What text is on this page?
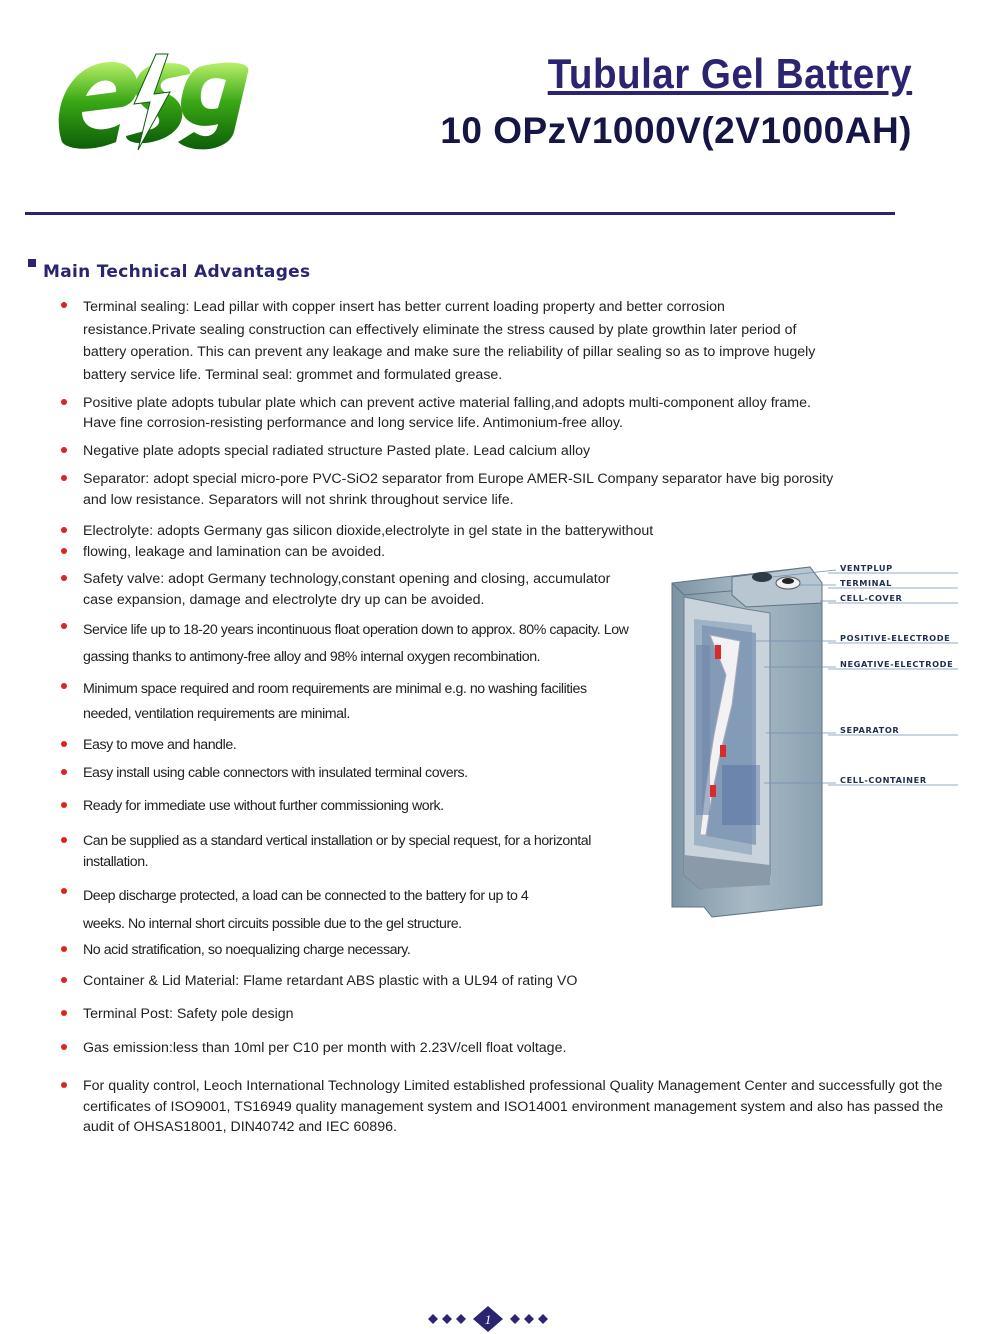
Tubular Gel Battery
10 OPzV1000V(2V1000AH)
Main Technical Advantages
Terminal sealing: Lead pillar with copper insert has better current loading property and better corrosion
resistance.Private sealing construction can effectively eliminate the stress caused by plate growthin later period of
battery operation. This can prevent any leakage and make sure the reliability of pillar sealing so as to improve hugely
battery service life. Terminal seal: grommet and formulated grease.
Positive plate adopts tubular plate which can prevent active material falling,and adopts multi-component alloy frame.
Have fine corrosion-resisting performance and long service life. Antimonium-free alloy.
Negative plate adopts special radiated structure Pasted plate. Lead calcium alloy
Separator: adopt special micro-pore PVC-SiO2 separator from Europe AMER-SIL Company separator have big porosity
and low resistance. Separators will not shrink throughout service life.
Electrolyte: adopts Germany gas silicon dioxide,electrolyte in gel state in the batterywithout
flowing, leakage and lamination can be avoided.
Safety valve: adopt Germany technology,constant opening and closing, accumulator
case expansion, damage and electrolyte dry up can be avoided.
Service life up to 18-20 years incontinuous float operation down to approx. 80% capacity. Low
gassing thanks to antimony-free alloy and 98% internal oxygen recombination.
Minimum space required and room requirements are minimal e.g. no washing facilities
needed, ventilation requirements are minimal.
Easy to move and handle.
Easy install using cable connectors with insulated terminal covers.
Ready for immediate use without further commissioning work.
Can be supplied as a standard vertical installation or by special request, for a horizontal
installation.
Deep discharge protected, a load can be connected to the battery for up to 4
weeks. No internal short circuits possible due to the gel structure.
No acid stratification, so noequalizing charge necessary.
Container & Lid Material: Flame retardant ABS plastic with a UL94 of rating VO
Terminal Post: Safety pole design
Gas emission:less than 10ml per C10 per month with 2.23V/cell float voltage.
For quality control, Leoch International Technology Limited established professional Quality Management Center and successfully got the
certificates of ISO9001, TS16949 quality management system and ISO14001 environment management system and also has passed the
audit of OHSAS18001, DIN40742 and IEC 60896.
VENTPLUP
TERMINAL
CELL-COVER
POSITIVE-ELECTRODE
NEGATIVE-ELECTRODE
SEPARATOR
CELL-CONTAINER
1
